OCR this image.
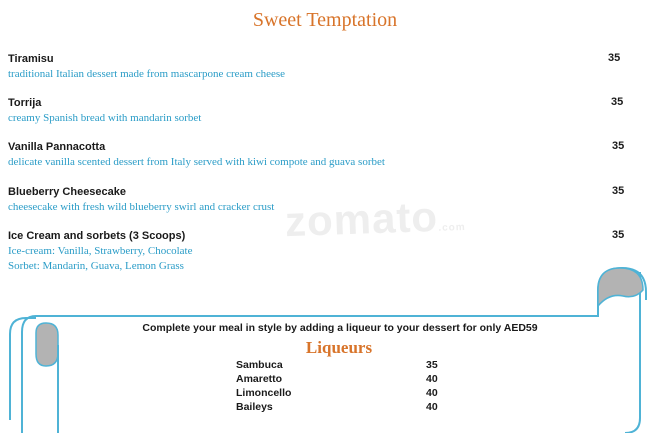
Sweet Temptation
zomato.com
Tiramisu
traditional Italian dessert made from mascarpone cream cheese
35
Torrija
creamy Spanish bread with mandarin sorbet
35
Vanilla Pannacotta
delicate vanilla scented dessert from Italy served with kiwi compote and guava sorbet
35
Blueberry Cheesecake
cheesecake with fresh wild blueberry swirl and cracker crust
35
Ice Cream and sorbets (3 Scoops)
Ice-cream: Vanilla, Strawberry, Chocolate
Sorbet: Mandarin, Guava, Lemon Grass
35
Complete your meal in style by adding a liqueur to your dessert for only AED59
Liqueurs
Sambuca	35
Amaretto	40
Limoncello	40
Baileys	40
